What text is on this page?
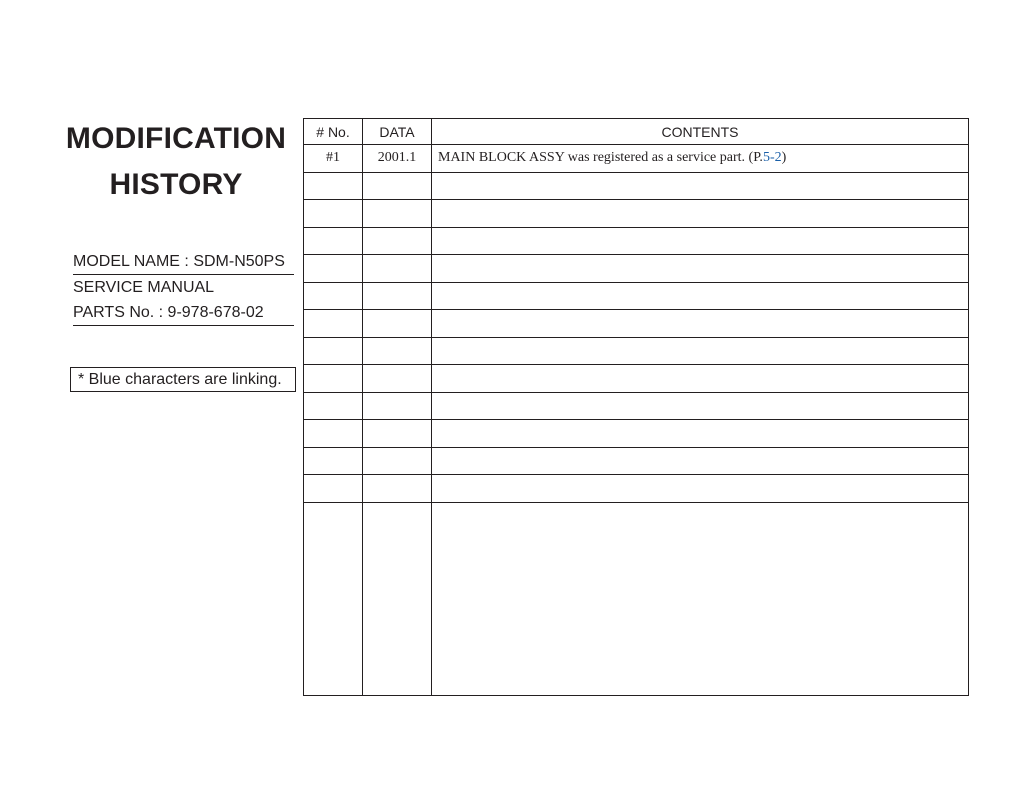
MODIFICATION
HISTORY
MODEL NAME : SDM-N50PS
SERVICE MANUAL
PARTS No. : 9-978-678-02
* Blue characters are linking.
# No.	DATA	CONTENTS
#1	2001.1	MAIN BLOCK ASSY was registered as a service part. (P.5-2)
